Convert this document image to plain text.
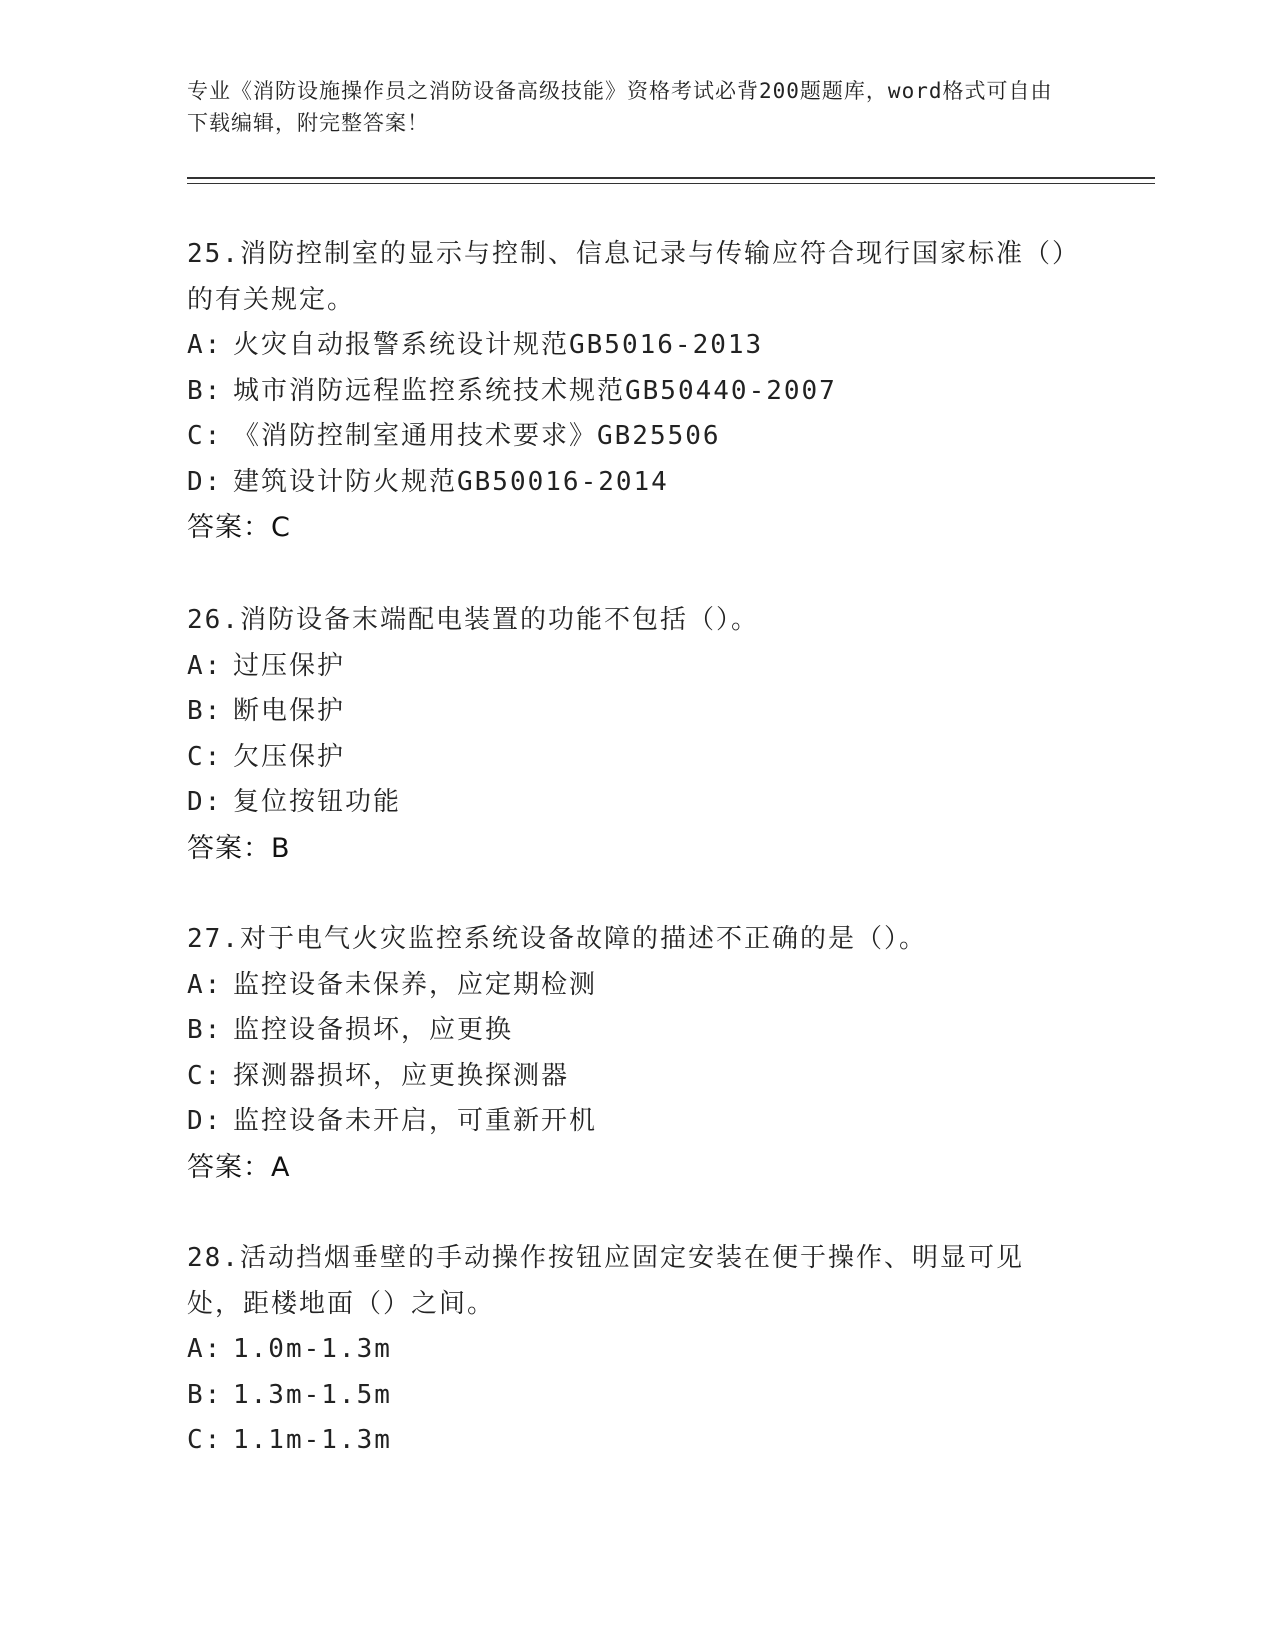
专业《消防设施操作员之消防设备高级技能》资格考试必背200题题库，word格式可自由下载编辑，附完整答案！
25.消防控制室的显示与控制、信息记录与传输应符合现行国家标准（）的有关规定。
A: 火灾自动报警系统设计规范GB5016-2013
B: 城市消防远程监控系统技术规范GB50440-2007
C: 《消防控制室通用技术要求》GB25506
D: 建筑设计防火规范GB50016-2014
答案：C
26.消防设备末端配电装置的功能不包括（）。
A: 过压保护
B: 断电保护
C: 欠压保护
D: 复位按钮功能
答案：B
27.对于电气火灾监控系统设备故障的描述不正确的是（）。
A: 监控设备未保养，应定期检测
B: 监控设备损坏，应更换
C: 探测器损坏，应更换探测器
D: 监控设备未开启，可重新开机
答案：A
28.活动挡烟垂壁的手动操作按钮应固定安装在便于操作、明显可见处，距楼地面（）之间。
A: 1.0m-1.3m
B: 1.3m-1.5m
C: 1.1m-1.3m
